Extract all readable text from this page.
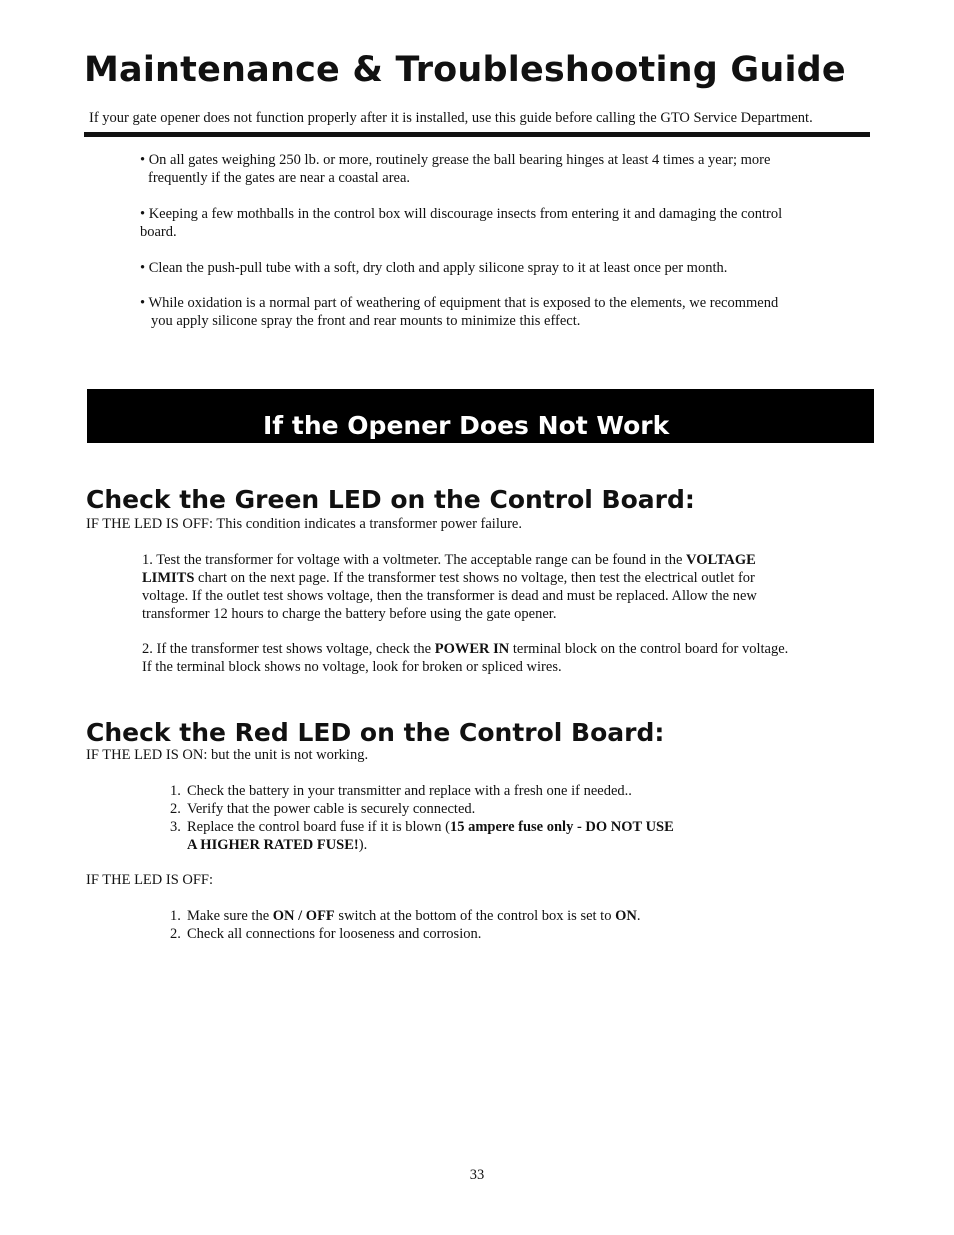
Maintenance & Troubleshooting Guide
If your gate opener does not function properly after it is installed, use this guide before calling the GTO Service Department.
• On all gates weighing 250 lb. or more, routinely grease the ball bearing hinges at least 4 times a year; more
frequently if the gates are near a coastal area.
• Keeping a few mothballs in the control box will discourage insects from entering it and damaging the control
board.
• Clean the push-pull tube with a soft, dry cloth and apply silicone spray to it at least once per month.
• While oxidation is a normal part of weathering of equipment that is exposed to the elements, we recommend
you apply silicone spray the front and rear mounts to minimize this effect.
If the Opener Does Not Work
Check the Green LED on the Control Board:
IF THE LED IS OFF: This condition indicates a transformer power failure.
1. Test the transformer for voltage with a voltmeter. The acceptable range can be found in the VOLTAGE
LIMITS chart on the next page. If the transformer test shows no voltage, then test the electrical outlet for
voltage. If the outlet test shows voltage, then the transformer is dead and must be replaced. Allow the new
transformer 12 hours to charge the battery before using the gate opener.
2. If the transformer test shows voltage, check the POWER IN terminal block on the control board for voltage.
If the terminal block shows no voltage, look for broken or spliced wires.
Check the Red LED on the Control Board:
IF THE LED IS ON: but the unit is not working.
1. Check the battery in your transmitter and replace with a fresh one if needed..
2. Verify that the power cable is securely connected.
3. Replace the control board fuse if it is blown (15 ampere fuse only - DO NOT USE
A HIGHER RATED FUSE!).
IF THE LED IS OFF:
1. Make sure the ON / OFF switch at the bottom of the control box is set to ON.
2. Check all connections for looseness and corrosion.
33
